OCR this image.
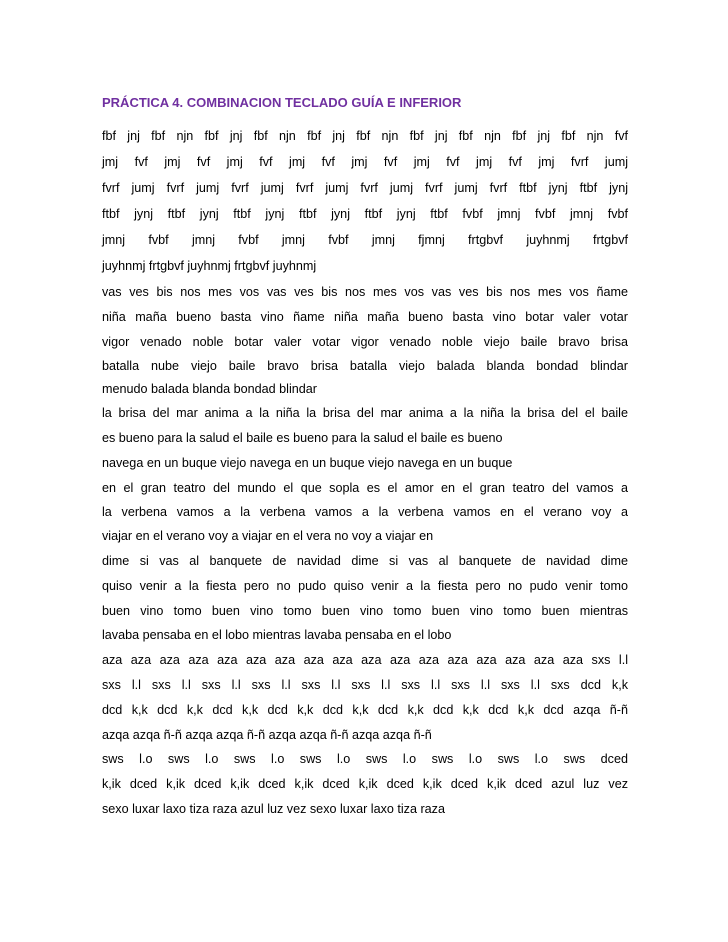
PRÁCTICA 4. COMBINACION TECLADO GUÍA E INFERIOR
fbf jnj fbf njn fbf jnj fbf njn fbf jnj fbf njn fbf jnj fbf njn fbf jnj fbf njn fvf
jmj fvf jmj fvf jmj fvf jmj fvf jmj fvf jmj fvf jmj fvf jmj fvrf jumj
fvrf jumj fvrf jumj fvrf jumj fvrf jumj fvrf jumj fvrf jumj fvrf ftbf jynj ftbf jynj
ftbf jynj ftbf jynj ftbf jynj ftbf jynj ftbf jynj ftbf fvbf jmnj fvbf jmnj fvbf
jmnj fvbf jmnj fvbf jmnj fvbf jmnj fjmnj frtgbvf juyhnmj frtgbvf
juyhnmj frtgbvf juyhnmj frtgbvf juyhnmj
vas ves bis nos mes vos vas ves bis nos mes vos vas ves bis nos mes vos ñame
niña maña bueno basta vino ñame niña maña bueno basta vino botar valer votar
vigor venado noble botar valer votar vigor venado noble viejo baile bravo brisa
batalla nube viejo baile bravo brisa batalla viejo balada blanda bondad blindar
menudo balada blanda bondad blindar
la brisa del mar anima a la niña la brisa del mar anima a la niña la brisa del el baile
es bueno para la salud el baile es bueno para la salud el baile es bueno
navega en un buque viejo navega en un buque viejo navega en un buque
en el gran teatro del mundo el que sopla es el amor en el gran teatro del vamos a
la verbena vamos a la verbena vamos a la verbena vamos en el verano voy a
viajar en el verano voy a viajar en el vera no voy a viajar en
dime si vas al banquete de navidad dime si vas al banquete de navidad dime
quiso venir a la fiesta pero no pudo quiso venir a la fiesta pero no pudo venir tomo
buen vino tomo buen vino tomo buen vino tomo buen vino tomo buen mientras
lavaba pensaba en el lobo mientras lavaba pensaba en el lobo
aza aza aza aza aza aza aza aza aza aza aza aza aza aza aza aza aza sxs l.l
sxs l.l sxs l.l sxs l.l sxs l.l sxs l.l sxs l.l sxs l.l sxs l.l sxs l.l sxs dcd k,k
dcd k,k dcd k,k dcd k,k dcd k,k dcd k,k dcd k,k dcd k,k dcd k,k dcd azqa ñ-ñ
azqa azqa ñ-ñ azqa azqa ñ-ñ azqa azqa ñ-ñ azqa azqa ñ-ñ
sws l.o sws l.o sws l.o sws l.o sws l.o sws l.o sws l.o sws dced
k,ik dced k,ik dced k,ik dced k,ik dced k,ik dced k,ik dced k,ik dced azul luz vez
sexo luxar laxo tiza raza azul luz vez sexo luxar laxo tiza raza
